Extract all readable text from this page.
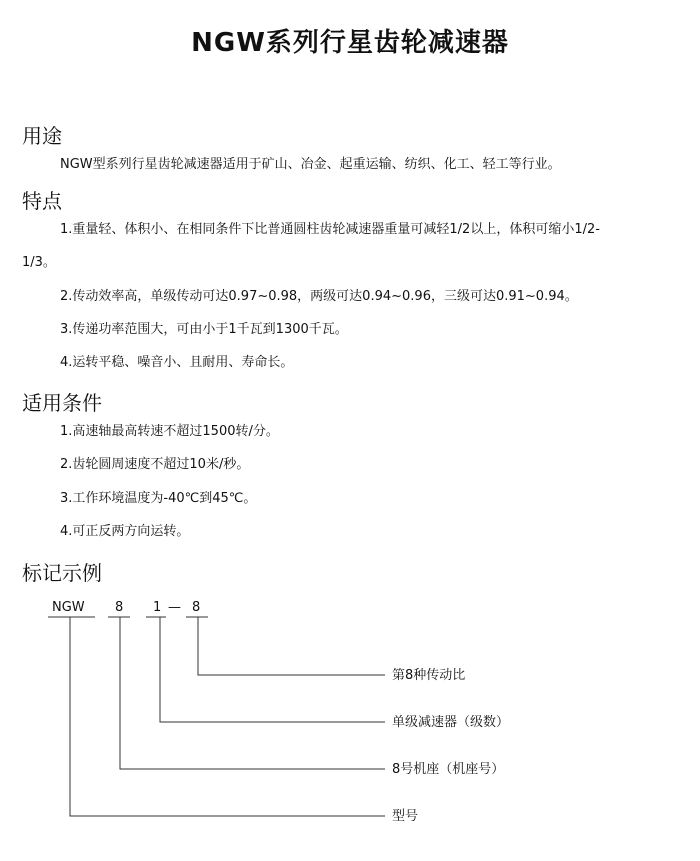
NGW系列行星齿轮减速器
用途
NGW型系列行星齿轮减速器适用于矿山、冶金、起重运输、纺织、化工、轻工等行业。
特点
1.重量轻、体积小、在相同条件下比普通圆柱齿轮减速器重量可减轻1/2以上，体积可缩小1/2-
1/3。
2.传动效率高，单级传动可达0.97~0.98，两级可达0.94~0.96，三级可达0.91~0.94。
3.传递功率范围大，可由小于1千瓦到1300千瓦。
4.运转平稳、噪音小、且耐用、寿命长。
适用条件
1.高速轴最高转速不超过1500转/分。
2.齿轮圆周速度不超过10米/秒。
3.工作环境温度为-40℃到45℃。
4.可正反两方向运转。
标记示例
NGW 8 1 — 8
第8种传动比
单级减速器（级数）
8号机座（机座号）
型号
